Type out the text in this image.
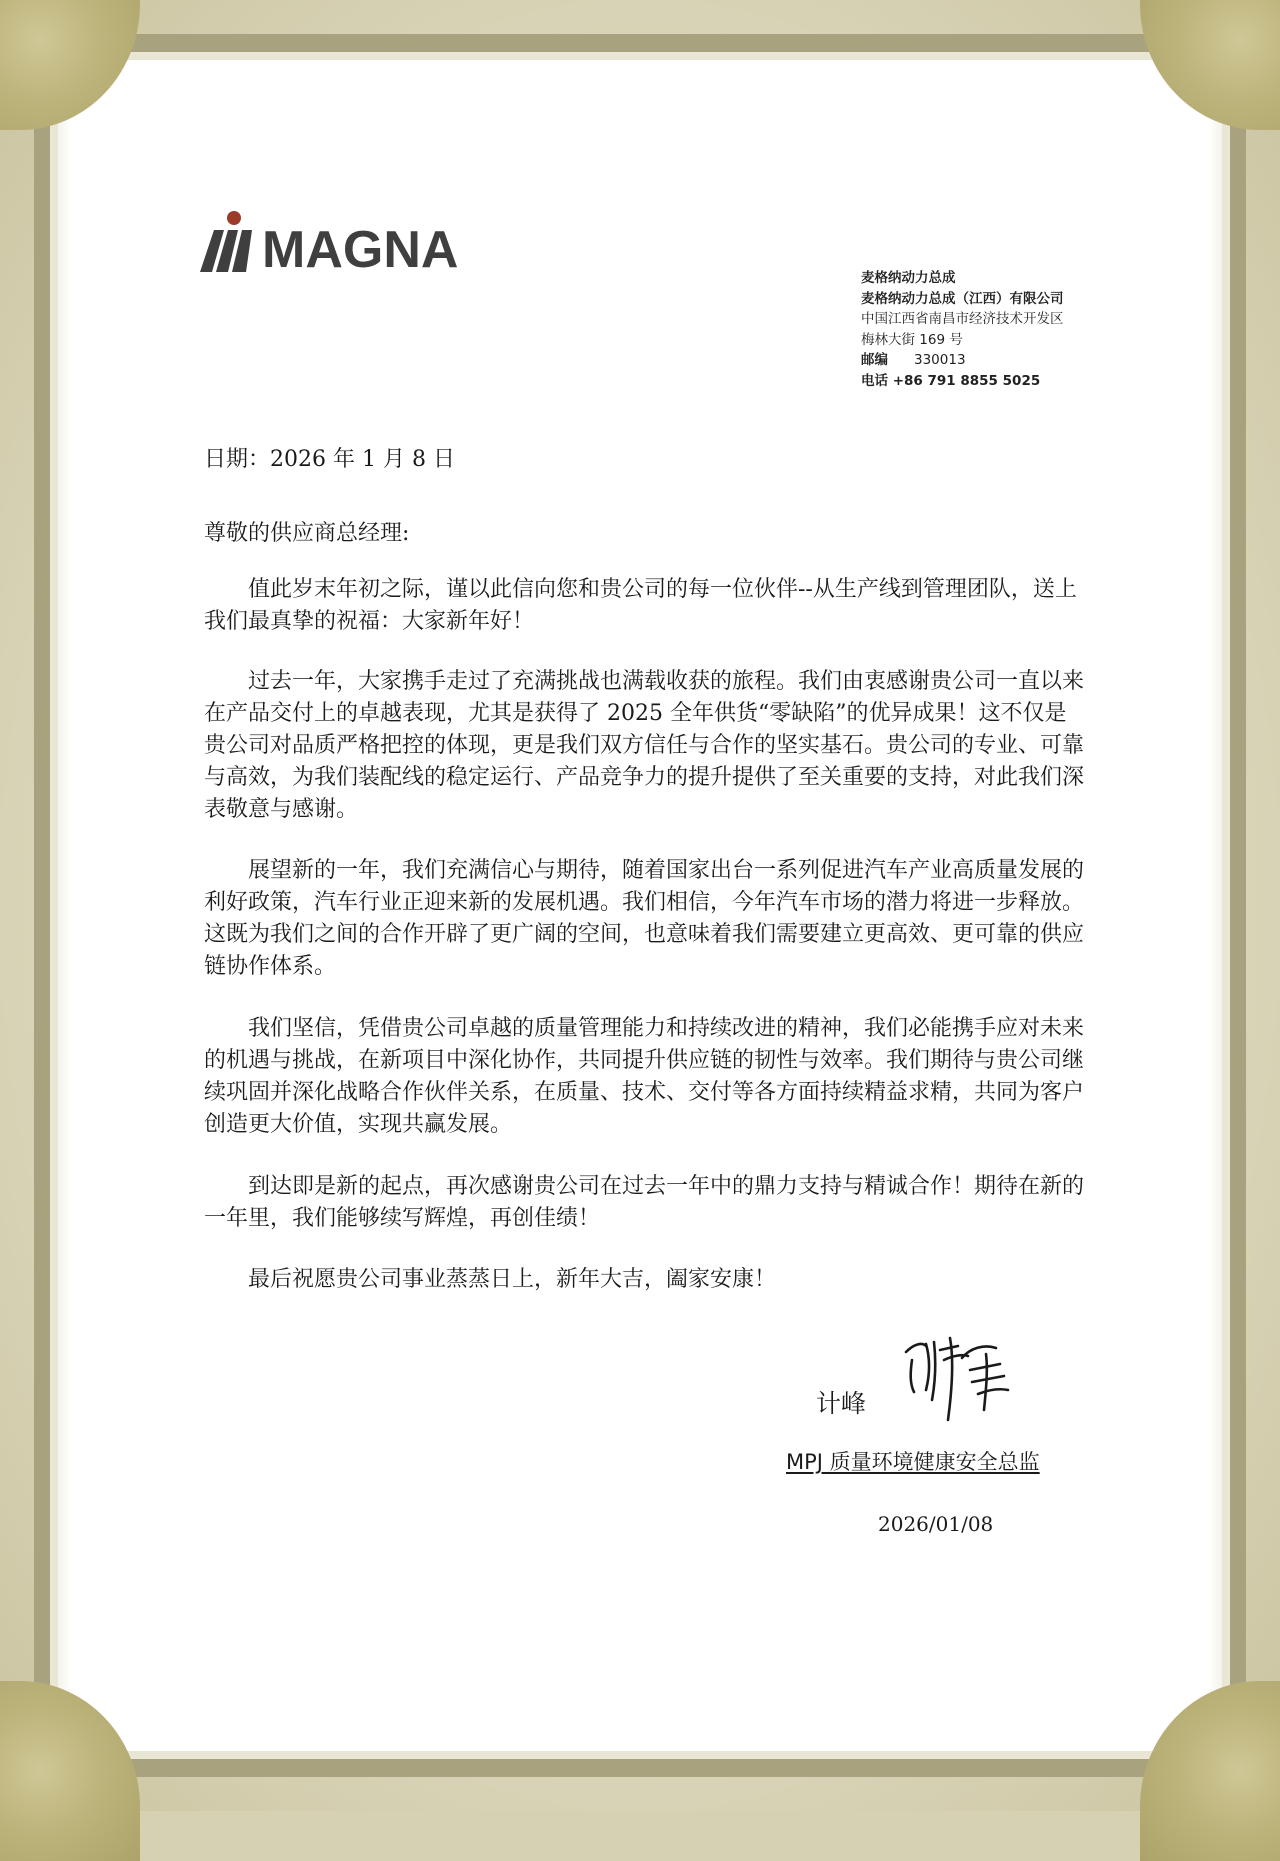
MAGNA	麦格纳动力总成
麦格纳动力总成（江西）有限公司
中国江西省南昌市经济技术开发区
梅林大街 169 号
邮编 330013
电话 +86 791 8855 5025
日期：2026 年 1 月 8 日
尊敬的供应商总经理:

值此岁末年初之际，谨以此信向您和贵公司的每一位伙伴--从生产线到管理团队，送上我们最真挚的祝福：大家新年好！

过去一年，大家携手走过了充满挑战也满载收获的旅程。我们由衷感谢贵公司一直以来在产品交付上的卓越表现，尤其是获得了 2025 全年供货“零缺陷”的优异成果！这不仅是贵公司对品质严格把控的体现，更是我们双方信任与合作的坚实基石。贵公司的专业、可靠与高效，为我们装配线的稳定运行、产品竞争力的提升提供了至关重要的支持，对此我们深表敬意与感谢。

展望新的一年，我们充满信心与期待，随着国家出台一系列促进汽车产业高质量发展的利好政策，汽车行业正迎来新的发展机遇。我们相信，今年汽车市场的潜力将进一步释放。这既为我们之间的合作开辟了更广阔的空间，也意味着我们需要建立更高效、更可靠的供应链协作体系。

我们坚信，凭借贵公司卓越的质量管理能力和持续改进的精神，我们必能携手应对未来的机遇与挑战，在新项目中深化协作，共同提升供应链的韧性与效率。我们期待与贵公司继续巩固并深化战略合作伙伴关系，在质量、技术、交付等各方面持续精益求精，共同为客户创造更大价值，实现共赢发展。

到达即是新的起点，再次感谢贵公司在过去一年中的鼎力支持与精诚合作！期待在新的一年里，我们能够续写辉煌，再创佳绩！

最后祝愿贵公司事业蒸蒸日上，新年大吉，阖家安康！

计峰
MPJ 质量环境健康安全总监
2026/01/08
